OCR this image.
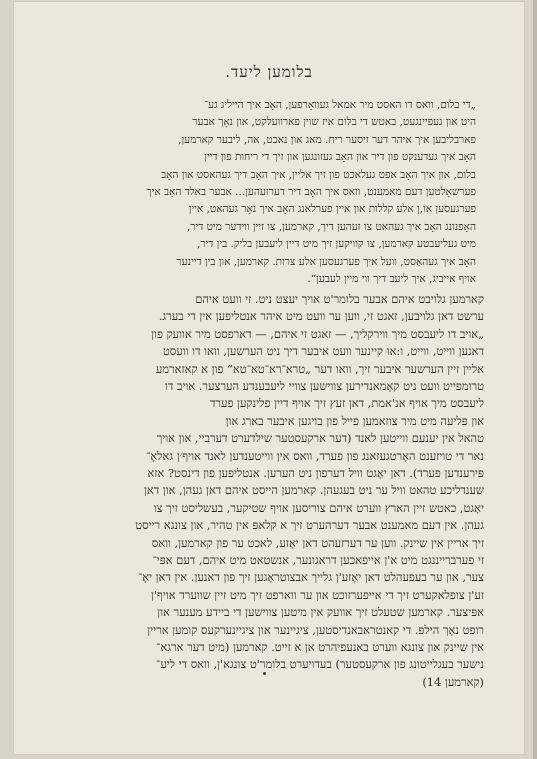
בלומען ליעד.
„די בלום, וואס דו האסט מיר אמאל געוואָרפען, האָב איך הייליג גע־
היט און געפּיינגעט, באטש די בלום איז שוין פארוועלקט, און נאָך אבער
פארבליבען איך איהר דער זיסער ריח. מאג און נאכט, אה, ליבער קארמען,
האָב איך געדענקט פון דיר און האָב געזונגען און זיך די ריחות פון דיין
בלום, און איך האָב אפט געלאכט פון זיך אליין, איך האָב דיך געהאסט און האָב
פערשאָלטען דעם מאמענט, וואס איך האָב דיר דערזעהען... אבער באלד האָב איך
פערגעסען או,ן אלע קללות און איין פערלאנג האָב איך נאָר געהאט, איין
האָפנונג האָב איך געהאט צו זעהען דיך, קארמען, צו זיין ווידער מיט דיר,
מיט געליעבטע קארמען, צו קוויקען זיך מיט דיין ליעבען בליק. בין דיר,
האָב איך געהאַסט, וועל איך פערגעסען אלע צרות. קארמען, און בין דיינער
אויף אייביג, איך ליעב דיך ווי מיין לעבען“.
קארמען גלויבט איהם אבער בלומר'ט אויך יעצט ניט. זי וועט איהם
ערשט דאן גלויבען, זאגט זי, ווען ער וועט מיט איהר אנטליפען אין די בערג.
„אויב דו ליעבסט מיך ווירקליך, — זאגט זי איהם, — דארפסט מיר אוועק פון
דאנען ווייט, ווייט, ו:אוּ קיינער וועט איבער דיך ניט הערשען, וואו דו וועסט
אליין זיין הערשער איבער זיך, וואו דער „טרא־רא־טא־טא“ פון א קאזארמע
טרומפייט וועט ניט קאָמאנדירען צווישען צוויי ליעבענדע הערצער. אויב דו
ליעבסט מיך אויף אנ'אמת, דאן זעץ זיך אויף דיין פלינקען פערד
און פּליעה מיט מיר צוזאמען פייל פון בויגען איבער בארג און
טהאל אין יענעם ווייטען לאנד (דער ארקעסטער שילדערט דערביי, און אויך
נאר די טויזענט האָרטגעזאנג פון פערד, וואס אין ווייטענדען לאנד אויף׳ן גאלאָ־
פּירענדען פערד). דאן יאָגט וויל דערפון ניט הערען. אנטליפען פון דינסט? אזא
שענדליכע טהאט וויל ער ניט בעגעהן. קארמען הייסט איהם דאן געהן, און דאן
יאָגט, כאטש זיין הארץ ווערט איהם צוריסען אויף שטיקער, בעשליסט זיך צו
געהן. אין דעם מאמענט אבער דערהערט זיך א קלאפּ אין טהיר, און צונגא רייסט
זיך אריין אין שיינק. ווען ער דערזעהט דאן יאָזע, לאכט ער פון קארמען, וואס
זי פערברייננגט מיט א'ן אייפאכען דראגונער, אנשטאט מיט איהם, דעם אפּי־
צער, און ער בעפעהלט דאן יאָזע'ן גלייך אבצוטראָגען זיך פון דאנען. אין דאן יאָ־
זע'ן צופלאקערט זיך די אייפערזוכט און ער ווארפט זיך מיט זיין שווערד אויף'ן
אפּיצער. קארמען שטעלט זיך אוועק אין מיטען צווישען די ביידע מענער און
רופט נאָך הילפּ. די קאנטראבאנדיסטען, ציגיינער און ציגיינערקעס קומען אריין
אין שיינק און צונגא ווערט באנעפיהרט אן א זייט. קארמען (מיט דער ארגא־
נישער בעגלייטונג פון ארקעסטער) בעדויערט בלומר'ט צונגא'ן, וואס די ליע־
(קארמען 14)
